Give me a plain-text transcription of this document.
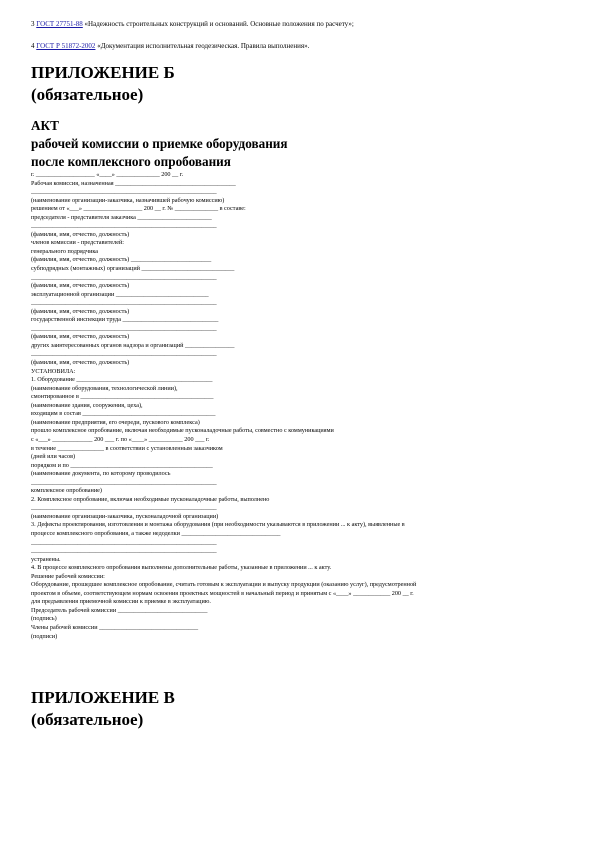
3 ГОСТ 27751-88 «Надежность строительных конструкций и оснований. Основные положения по расчету»;
4 ГОСТ Р 51872-2002 «Документация исполнительная геодезическая. Правила выполнения».
ПРИЛОЖЕНИЕ Б
(обязательное)
АКТ
рабочей комиссии о приемке оборудования
после комплексного опробования
г. ___________________ «____» ______________ 200 __ г.
Рабочая комиссия, назначенная _______________________________________
____________________________________________________________
(наименование организации-заказчика, назначившей рабочую комиссию)
решением от «___» ___________________ 200 __ г. № ______________ в составе:
председателя - представителя заказчика ________________________
____________________________________________________________
(фамилия, имя, отчество, должность)
членов комиссии - представителей:
генерального подрядчика
(фамилия, имя, отчество, должность) __________________________
субподрядных (монтажных) организаций ______________________________
____________________________________________________________
(фамилия, имя, отчество, должность)
эксплуатационной организации ______________________________
____________________________________________________________
(фамилия, имя, отчество, должность)
государственной инспекции труда _______________________________
____________________________________________________________
(фамилия, имя, отчество, должность)
других заинтересованных органов надзора и организаций ________________
____________________________________________________________
(фамилия, имя, отчество, должность)
УСТАНОВИЛА:
1. Оборудование ____________________________________________
(наименование оборудования, технологической линии),
смонтированное в ___________________________________________
(наименование здания, сооружения, цеха),
входящим в состав ___________________________________________
(наименование предприятия, его очереди, пускового комплекса)
прошло комплексное опробование, включая необходимые пусконаладочные работы, совместно с коммуникациями
с «___» _____________ 200 ___ г. по «____» ___________ 200 ___ г.
в течение _______________ в соответствии с установленным заказчиком
(дней или часов)
порядком и по ______________________________________________
(наименование документа, по которому проводилось
____________________________________________________________
комплексное опробование)
2. Комплексное опробование, включая необходимые пусконаладочные работы, выполнено
____________________________________________________________
(наименование организации-заказчика, пусконаладочной организации)
3. Дефекты проектирования, изготовления и монтажа оборудования (при необходимости указываются в приложении ... к акту), выявленные в
процессе комплексного опробования, а также недоделки ________________________________
____________________________________________________________
____________________________________________________________
устранены.
4. В процессе комплексного опробования выполнены дополнительные работы, указанные в приложении ... к акту.
Решение рабочей комиссии:
Оборудование, прошедшее комплексное опробование, считать готовым к эксплуатации и выпуску продукции (оказанию услуг), предусмотренной
проектом в объеме, соответствующем нормам освоения проектных мощностей в начальный период и принятым с «____» ____________ 200 __ г.
для предъявления приемочной комиссии к приемке в эксплуатацию.
Председатель рабочей комиссии _____________________________
(подпись)
Члены рабочей комиссии ________________________________
(подписи)
ПРИЛОЖЕНИЕ В
(обязательное)
